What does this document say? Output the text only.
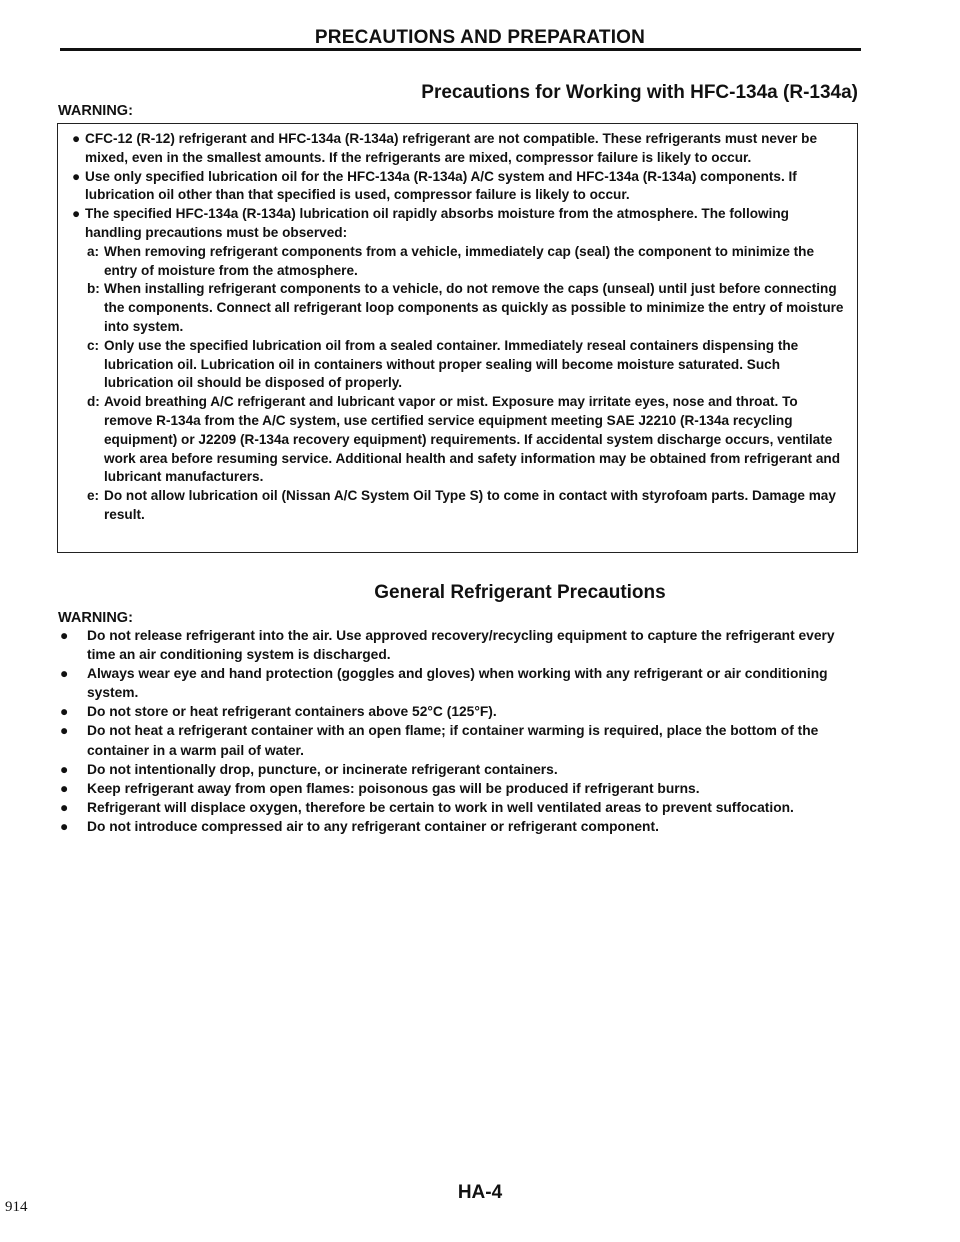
PRECAUTIONS AND PREPARATION
Precautions for Working with HFC-134a (R-134a)
WARNING:
● CFC-12 (R-12) refrigerant and HFC-134a (R-134a) refrigerant are not compatible. These refrigerants must never be mixed, even in the smallest amounts. If the refrigerants are mixed, compressor failure is likely to occur.
● Use only specified lubrication oil for the HFC-134a (R-134a) A/C system and HFC-134a (R-134a) components. If lubrication oil other than that specified is used, compressor failure is likely to occur.
● The specified HFC-134a (R-134a) lubrication oil rapidly absorbs moisture from the atmosphere. The following handling precautions must be observed:
a: When removing refrigerant components from a vehicle, immediately cap (seal) the component to minimize the entry of moisture from the atmosphere.
b: When installing refrigerant components to a vehicle, do not remove the caps (unseal) until just before connecting the components. Connect all refrigerant loop components as quickly as possible to minimize the entry of moisture into system.
c: Only use the specified lubrication oil from a sealed container. Immediately reseal containers dispensing the lubrication oil. Lubrication oil in containers without proper sealing will become moisture saturated. Such lubrication oil should be disposed of properly.
d: Avoid breathing A/C refrigerant and lubricant vapor or mist. Exposure may irritate eyes, nose and throat. To remove R-134a from the A/C system, use certified service equipment meeting SAE J2210 (R-134a recycling equipment) or J2209 (R-134a recovery equipment) requirements. If accidental system discharge occurs, ventilate work area before resuming service. Additional health and safety information may be obtained from refrigerant and lubricant manufacturers.
e: Do not allow lubrication oil (Nissan A/C System Oil Type S) to come in contact with styrofoam parts. Damage may result.
General Refrigerant Precautions
WARNING:
● Do not release refrigerant into the air. Use approved recovery/recycling equipment to capture the refrigerant every time an air conditioning system is discharged.
● Always wear eye and hand protection (goggles and gloves) when working with any refrigerant or air conditioning system.
● Do not store or heat refrigerant containers above 52°C (125°F).
● Do not heat a refrigerant container with an open flame; if container warming is required, place the bottom of the container in a warm pail of water.
● Do not intentionally drop, puncture, or incinerate refrigerant containers.
● Keep refrigerant away from open flames: poisonous gas will be produced if refrigerant burns.
● Refrigerant will displace oxygen, therefore be certain to work in well ventilated areas to prevent suffocation.
● Do not introduce compressed air to any refrigerant container or refrigerant component.
HA-4
914
